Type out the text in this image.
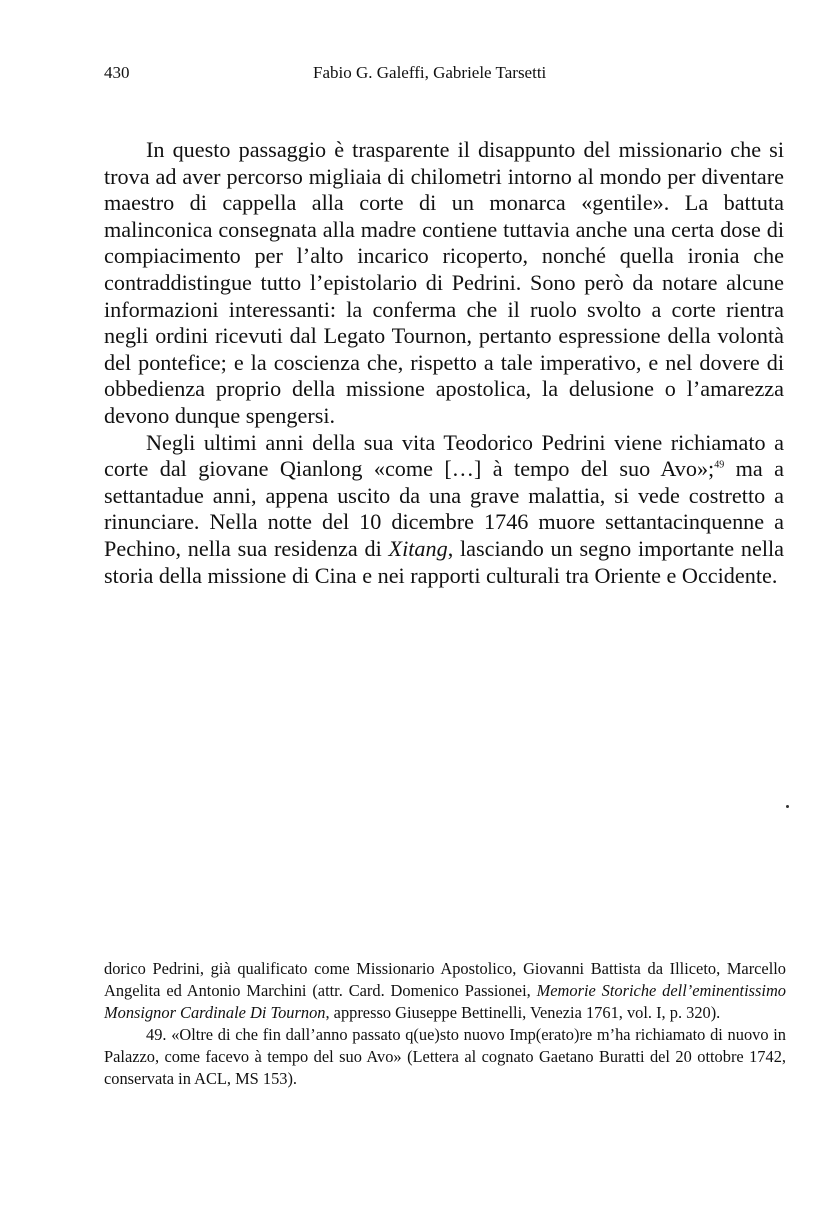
430	Fabio G. Galeffi, Gabriele Tarsetti

In questo passaggio è trasparente il disappunto del missionario che si trova ad aver percorso migliaia di chilometri intorno al mondo per diventare maestro di cappella alla corte di un monarca «gentile». La battuta malinconica consegnata alla madre contiene tuttavia anche una certa dose di compiacimento per l’alto incarico ricoperto, nonché quella ironia che contraddistingue tutto l’epistolario di Pedrini. Sono però da notare alcune informazioni interessanti: la conferma che il ruolo svolto a corte rientra negli ordini ricevuti dal Legato Tournon, pertanto espressione della volontà del pontefice; e la coscienza che, rispetto a tale imperativo, e nel dovere di obbedienza proprio della missione apostolica, la delusione o l’amarezza devono dunque spengersi.

Negli ultimi anni della sua vita Teodorico Pedrini viene richiamato a corte dal giovane Qianlong «come […] à tempo del suo Avo»;$^{49}$ ma a settantadue anni, appena uscito da una grave malattia, si vede costretto a rinunciare. Nella notte del 10 dicembre 1746 muore settantacinquenne a Pechino, nella sua residenza di Xitang, lasciando un segno importante nella storia della missione di Cina e nei rapporti culturali tra Oriente e Occidente.

dorico Pedrini, già qualificato come Missionario Apostolico, Giovanni Battista da Illiceto, Marcello Angelita ed Antonio Marchini (attr. Card. Domenico Passionei, Memorie Storiche dell’eminentissimo Monsignor Cardinale Di Tournon, appresso Giuseppe Bettinelli, Venezia 1761, vol. I, p. 320).

49. «Oltre di che fin dall’anno passato q(ue)sto nuovo Imp(erato)re m’ha richiamato di nuovo in Palazzo, come facevo à tempo del suo Avo» (Lettera al cognato Gaetano Buratti del 20 ottobre 1742, conservata in ACL, MS 153).
